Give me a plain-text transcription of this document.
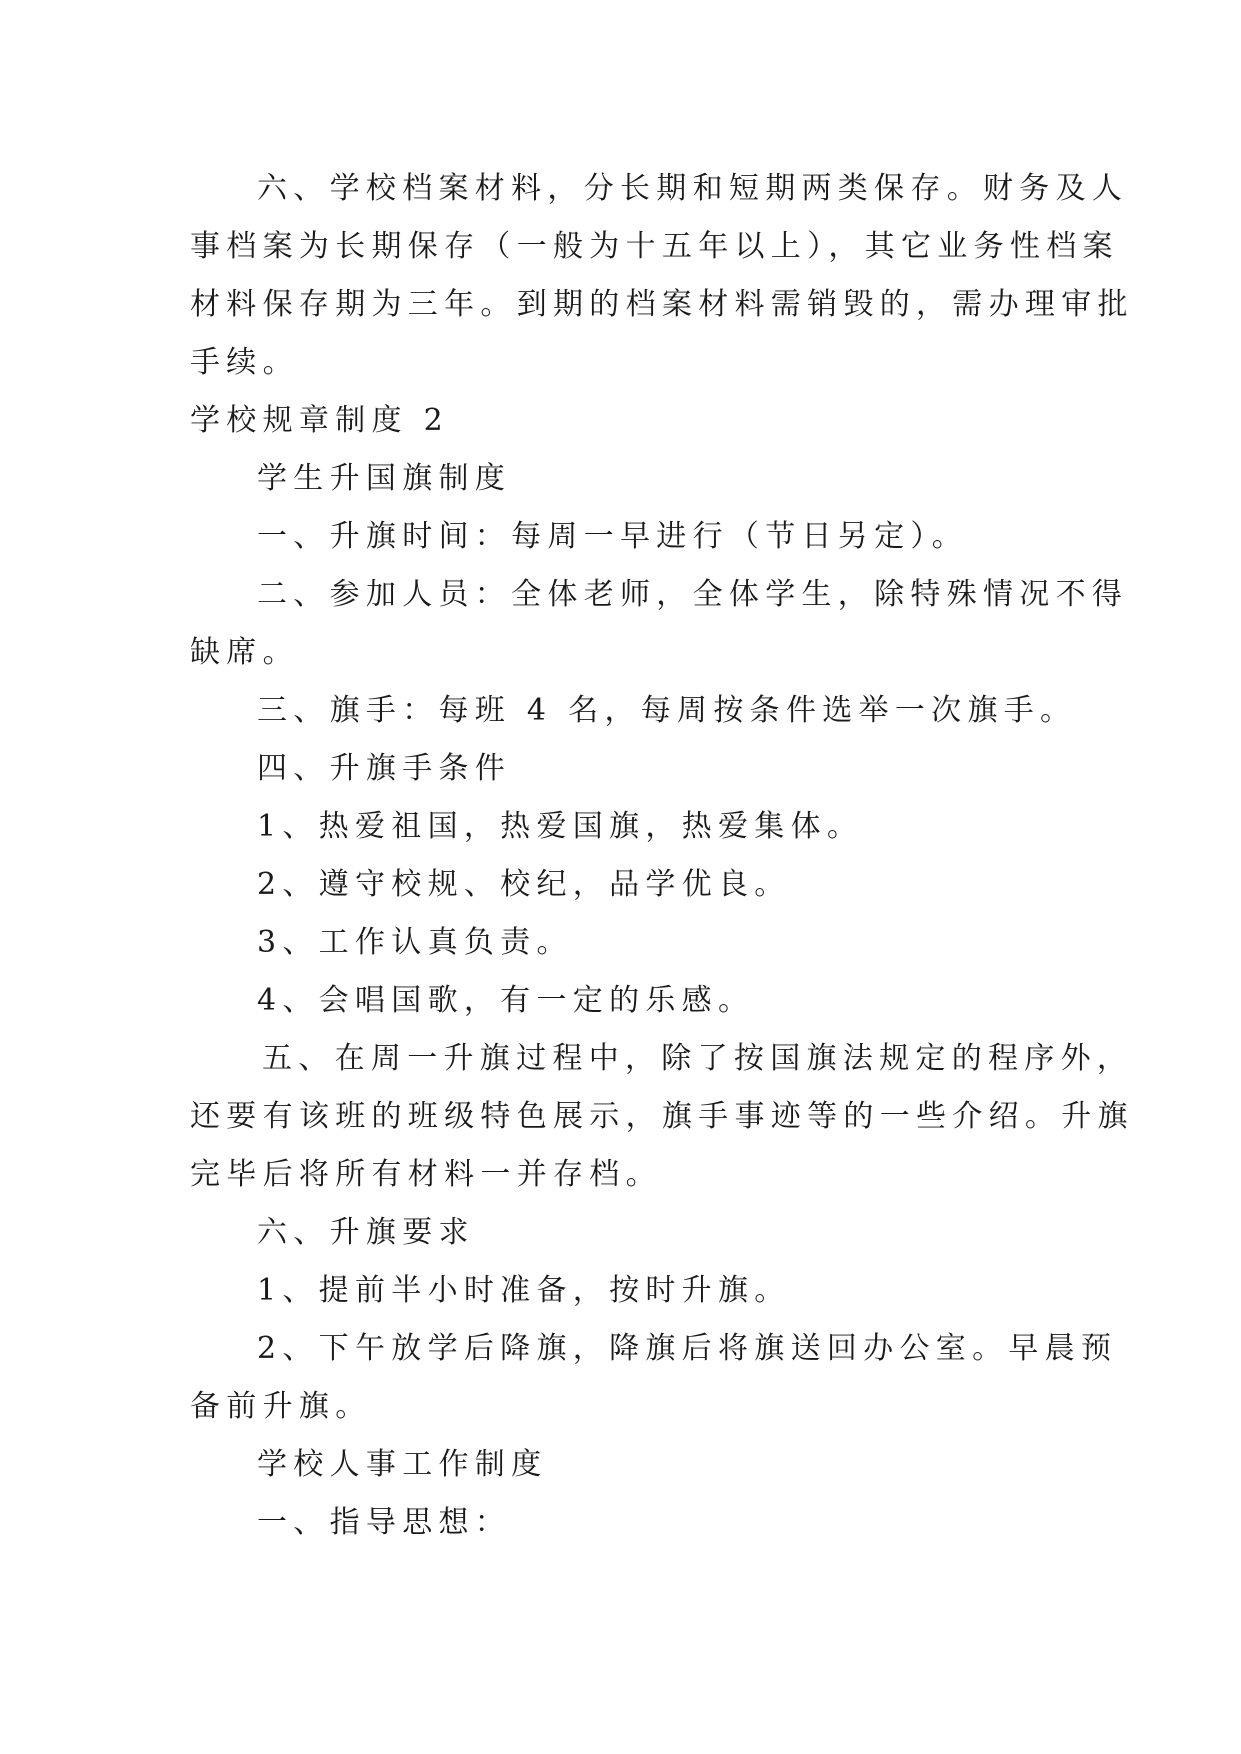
六、学校档案材料，分长期和短期两类保存。财务及人
事档案为长期保存（一般为十五年以上），其它业务性档案
材料保存期为三年。到期的档案材料需销毁的，需办理审批
手续。
学校规章制度 2
学生升国旗制度
一、升旗时间：每周一早进行（节日另定）。
二、参加人员：全体老师，全体学生，除特殊情况不得
缺席。
三、旗手：每班 4 名，每周按条件选举一次旗手。
四、升旗手条件
1、热爱祖国，热爱国旗，热爱集体。
2、遵守校规、校纪，品学优良。
3、工作认真负责。
4、会唱国歌，有一定的乐感。
五、在周一升旗过程中，除了按国旗法规定的程序外，
还要有该班的班级特色展示，旗手事迹等的一些介绍。升旗
完毕后将所有材料一并存档。
六、升旗要求
1、提前半小时准备，按时升旗。
2、下午放学后降旗，降旗后将旗送回办公室。早晨预
备前升旗。
学校人事工作制度
一、指导思想：
